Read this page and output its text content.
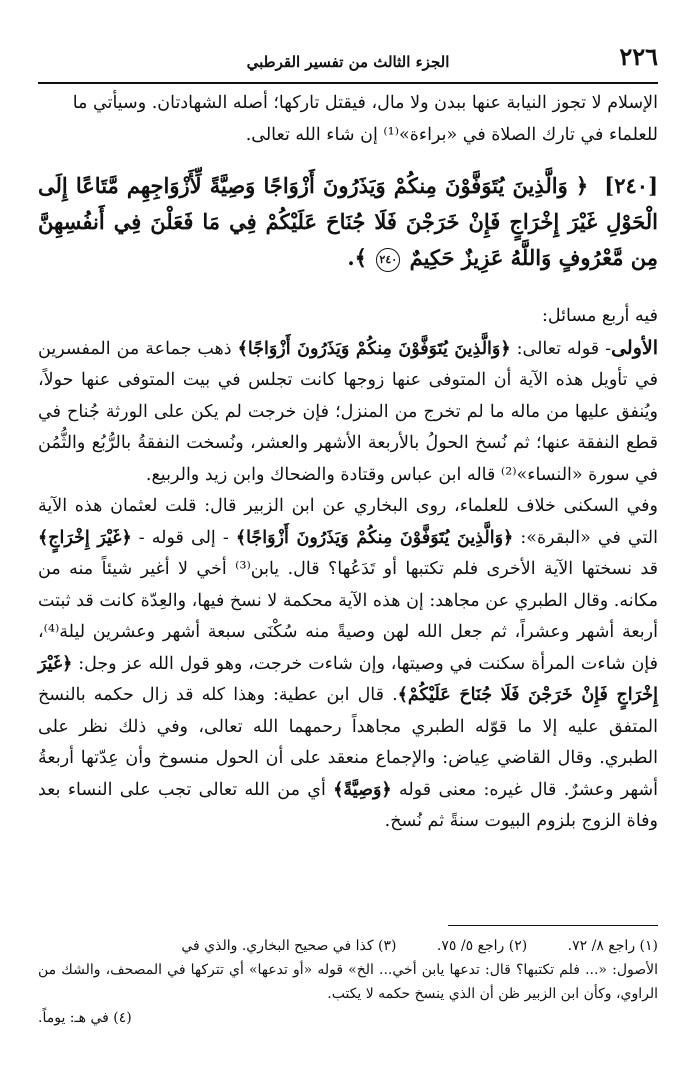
٢٢٦
الجزء الثالث من تفسير القرطبي

الإسلام لا تجوز النيابة عنها ببدن ولا مال، فيقتل تاركها؛ أصله الشهادتان. وسيأتي ما

للعلماء في تارك الصلاة في «براءة»⁽¹⁾ إن شاء الله تعالى.

[٢٤٠] ﴿ وَالَّذِينَ يُتَوَفَّوْنَ مِنكُمْ وَيَذَرُونَ أَزْوَاجًا وَصِيَّةً لِّأَزْوَاجِهِم مَّتَاعًا إِلَى الْحَوْلِ غَيْرَ إِخْرَاجٍ فَإِنْ خَرَجْنَ فَلَا جُنَاحَ عَلَيْكُمْ فِي مَا فَعَلْنَ فِي أَنفُسِهِنَّ مِن مَّعْرُوفٍ وَاللَّهُ عَزِيزٌ حَكِيمٌ ٢٤٠ ﴾.

فيه أربع مسائل:

الأولى- قوله تعالى: ﴿وَالَّذِينَ يُتَوَفَّوْنَ مِنكُمْ وَيَذَرُونَ أَزْوَاجًا﴾ ذهب جماعة من المفسرين في تأويل هذه الآية أن المتوفى عنها زوجها كانت تجلس في بيت المتوفى عنها حولاً، ويُنفق عليها من ماله ما لم تخرج من المنزل؛ فإن خرجت لم يكن على الورثة جُناح في قطع النفقة عنها؛ ثم نُسخ الحولُ بالأربعة الأشهر والعشر، ونُسخت النفقةُ بالرُّبُع والثُّمُن في سورة «النساء»⁽²⁾ قاله ابن عباس وقتادة والضحاك وابن زيد والربيع.

وفي السكنى خلاف للعلماء، روى البخاري عن ابن الزبير قال: قلت لعثمان هذه الآية التي في «البقرة»: ﴿وَالَّذِينَ يُتَوَفَّوْنَ مِنكُمْ وَيَذَرُونَ أَزْوَاجًا﴾ - إلى قوله - ﴿غَيْرَ إِخْرَاجٍ﴾ قد نسختها الآية الأخرى فلم تكتبها أو تَدَعُها؟ قال. يابن⁽³⁾ أخي لا أغير شيئاً منه من مكانه. وقال الطبري عن مجاهد: إن هذه الآية محكمة لا نسخ فيها، والعِدّة كانت قد ثبتت أربعة أشهر وعشراً، ثم جعل الله لهن وصيةً منه سُكْنَى سبعة أشهر وعشرين ليلة⁽⁴⁾، فإن شاءت المرأة سكنت في وصيتها، وإن شاءت خرجت، وهو قول الله عز وجل: ﴿غَيْرَ إِخْرَاجٍ فَإِنْ خَرَجْنَ فَلَا جُنَاحَ عَلَيْكُمْ﴾. قال ابن عطية: وهذا كله قد زال حكمه بالنسخ المتفق عليه إلا ما قوّله الطبري مجاهداً رحمهما الله تعالى، وفي ذلك نظر على الطبري. وقال القاضي عِياض: والإجماع منعقد على أن الحول منسوخ وأن عِدّتها أربعةُ أشهر وعشرٌ. قال غيره: معنى قوله ﴿وَصِيَّةً﴾ أي من الله تعالى تجب على النساء بعد وفاة الزوج بلزوم البيوت سنةً ثم نُسخ.

(١) راجع ٨/ ٧٢. (٢) راجع ٥/ ٧٥. (٣) كذا في صحيح البخاري. والذي في

الأصول: «... فلم تكتبها؟ قال: تدعها يابن أخي... الخ» قوله «أو تدعها» أي تتركها في المصحف، والشك من الراوي، وكأن ابن الزبير ظن أن الذي ينسخ حكمه لا يكتب.

(٤) في هـ: يوماً.
